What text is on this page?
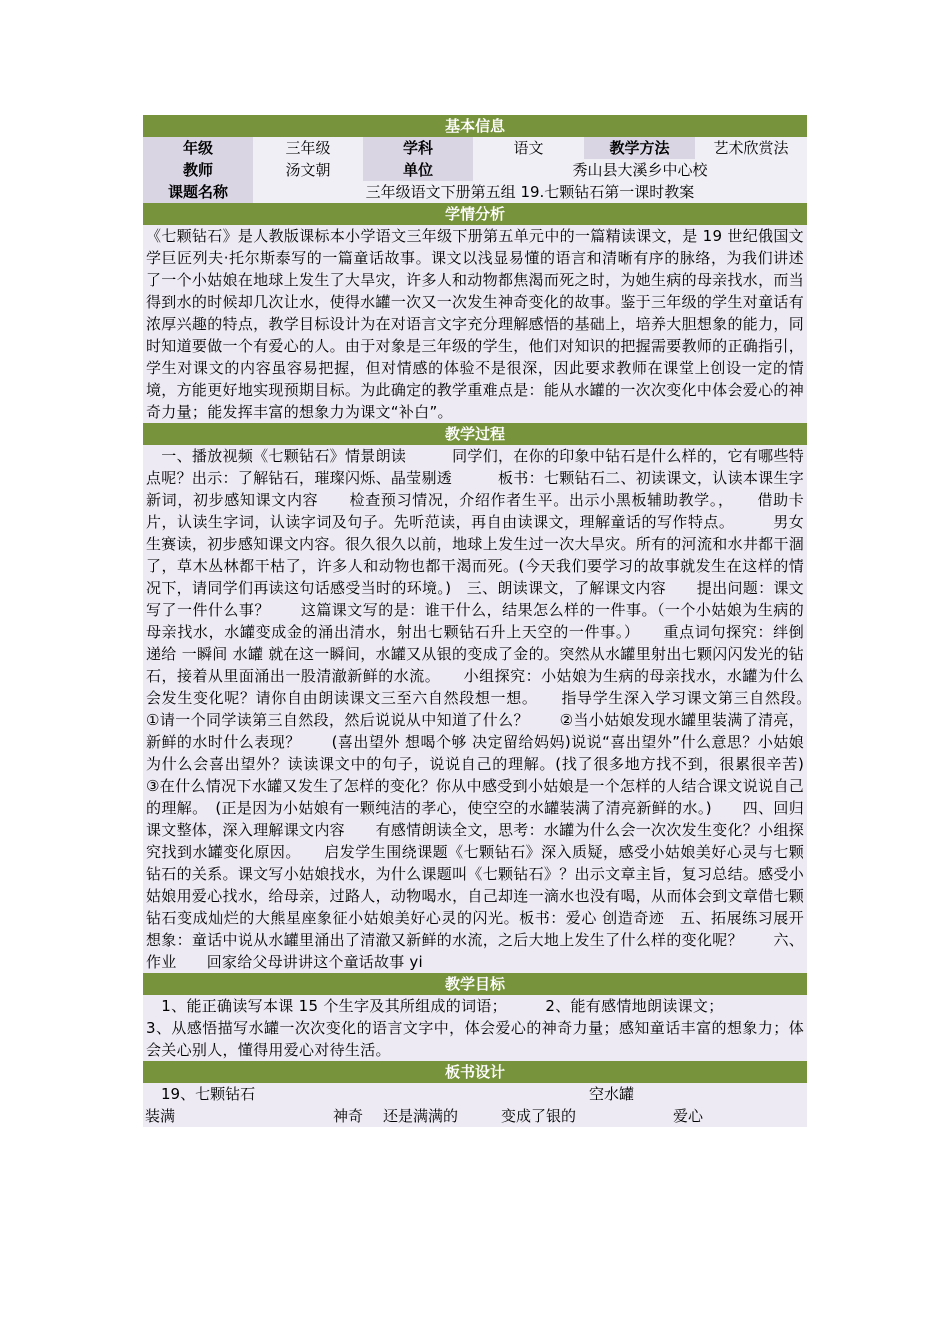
基本信息
年级	三年级	学科	语文	教学方法	艺术欣赏法
教师	汤文朝	单位	秀山县大溪乡中心校		
课题名称	三年级语文下册第五组 19.七颗钻石第一课时教案				
学情分析
《七颗钻石》是人教版课标本小学语文三年级下册第五单元中的一篇精读课文，是 19 世纪俄国文学巨匠列夫·托尔斯泰写的一篇童话故事。课文以浅显易懂的语言和清晰有序的脉络，为我们讲述了一个小姑娘在地球上发生了大旱灾，许多人和动物都焦渴而死之时，为她生病的母亲找水，而当得到水的时候却几次让水，使得水罐一次又一次发生神奇变化的故事。鉴于三年级的学生对童话有浓厚兴趣的特点，教学目标设计为在对语言文字充分理解感悟的基础上，培养大胆想象的能力，同时知道要做一个有爱心的人。由于对象是三年级的学生，他们对知识的把握需要教师的正确指引，学生对课文的内容虽容易把握，但对情感的体验不是很深，因此要求教师在课堂上创设一定的情境，方能更好地实现预期目标。为此确定的教学重难点是：能从水罐的一次次变化中体会爱心的神奇力量；能发挥丰富的想象力为课文“补白”。
教学过程
　一、播放视频《七颗钻石》情景朗读　　　同学们，在你的印象中钻石是什么样的，它有哪些特点呢？出示：了解钻石，璀璨闪烁、晶莹剔透　　　板书：七颗钻石二、初读课文，认读本课生字新词，初步感知课文内容　　检查预习情况，介绍作者生平。出示小黑板辅助教学。，　　借助卡片，认读生字词，认读字词及句子。先听范读，再自由读课文，理解童话的写作特点。　　　男女生赛读，初步感知课文内容。很久很久以前，地球上发生过一次大旱灾。所有的河流和水井都干涸了，草木丛林都干枯了，许多人和动物也都干渴而死。(今天我们要学习的故事就发生在这样的情况下，请同学们再读这句话感受当时的环境。)　三、朗读课文，了解课文内容　　提出问题：课文写了一件什么事？　　这篇课文写的是：谁干什么，结果怎么样的一件事。（一个小姑娘为生病的母亲找水，水罐变成金的涌出清水，射出七颗钻石升上天空的一件事。）　　重点词句探究：绊倒 递给 一瞬间 水罐 就在这一瞬间，水罐又从银的变成了金的。突然从水罐里射出七颗闪闪发光的钻石，接着从里面涌出一股清澈新鲜的水流。　　小组探究：小姑娘为生病的母亲找水，水罐为什么会发生变化呢？请你自由朗读课文三至六自然段想一想。　　指导学生深入学习课文第三自然段。　　①请一个同学读第三自然段，然后说说从中知道了什么？　　②当小姑娘发现水罐里装满了清亮，新鲜的水时什么表现？　　(喜出望外 想喝个够 决定留给妈妈)说说“喜出望外”什么意思？小姑娘为什么会喜出望外？读读课文中的句子，说说自己的理解。(找了很多地方找不到，很累很辛苦)　　③在什么情况下水罐又发生了怎样的变化？你从中感受到小姑娘是一个怎样的人结合课文说说自己的理解。　(正是因为小姑娘有一颗纯洁的孝心，使空空的水罐装满了清亮新鲜的水。)　　四、回归课文整体，深入理解课文内容　　有感情朗读全文，思考：水罐为什么会一次次发生变化？小组探究找到水罐变化原因。　　启发学生围绕课题《七颗钻石》深入质疑，感受小姑娘美好心灵与七颗钻石的关系。课文写小姑娘找水，为什么课题叫《七颗钻石》？出示文章主旨，复习总结。感受小姑娘用爱心找水，给母亲，过路人，动物喝水，自己却连一滴水也没有喝，从而体会到文章借七颗钻石变成灿烂的大熊星座象征小姑娘美好心灵的闪光。板书：爱心 创造奇迹　五、拓展练习展开想象：童话中说从水罐里涌出了清澈又新鲜的水流，之后大地上发生了什么样的变化呢？　　六、作业　　回家给父母讲讲这个童话故事 yi
教学目标
　1、能正确读写本课 15 个生字及其所组成的词语；　　　2、能有感情地朗读课文；
3、从感悟描写水罐一次次变化的语言文字中，体会爱心的神奇力量；感知童话丰富的想象力；体会关心别人，懂得用爱心对待生活。
板书设计
19、七颗钻石	空水罐
装满	神奇 还是满满的	变成了银的	爱心
